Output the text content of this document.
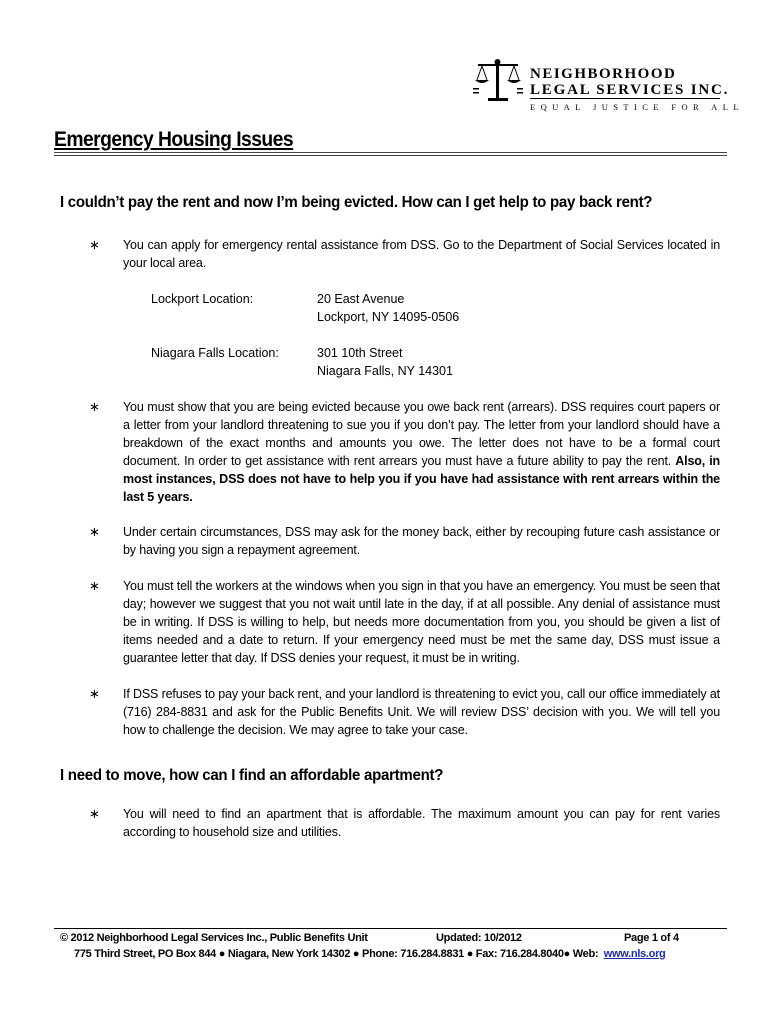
NEIGHBORHOOD
LEGAL SERVICES INC.
EQUAL JUSTICE FOR ALL
Emergency Housing Issues
I couldn’t pay the rent and now I’m being evicted. How can I get help to pay back rent?
∗ You can apply for emergency rental assistance from DSS. Go to the Department of Social Services located in your local area.

Lockport Location:	20 East Avenue
Lockport, NY 14095-0506
Niagara Falls Location:	301 10th Street
Niagara Falls, NY 14301
∗ You must show that you are being evicted because you owe back rent (arrears). DSS requires court papers or a letter from your landlord threatening to sue you if you don’t pay. The letter from your landlord should have a breakdown of the exact months and amounts you owe. The letter does not have to be a formal court document. In order to get assistance with rent arrears you must have a future ability to pay the rent. Also, in most instances, DSS does not have to help you if you have had assistance with rent arrears within the last 5 years.

∗ Under certain circumstances, DSS may ask for the money back, either by recouping future cash assistance or by having you sign a repayment agreement.

∗ You must tell the workers at the windows when you sign in that you have an emergency. You must be seen that day; however we suggest that you not wait until late in the day, if at all possible. Any denial of assistance must be in writing. If DSS is willing to help, but needs more documentation from you, you should be given a list of items needed and a date to return. If your emergency need must be met the same day, DSS must issue a guarantee letter that day. If DSS denies your request, it must be in writing.

∗ If DSS refuses to pay your back rent, and your landlord is threatening to evict you, call our office immediately at (716) 284-8831 and ask for the Public Benefits Unit. We will review DSS’ decision with you. We will tell you how to challenge the decision. We may agree to take your case.

I need to move, how can I find an affordable apartment?
∗ You will need to find an apartment that is affordable. The maximum amount you can pay for rent varies according to household size and utilities.

© 2012 Neighborhood Legal Services Inc., Public Benefits Unit	Updated: 10/2012	Page 1 of 4
775 Third Street, PO Box 844 ● Niagara, New York 14302 ● Phone: 716.284.8831 ● Fax: 716.284.8040● Web: www.nls.org
